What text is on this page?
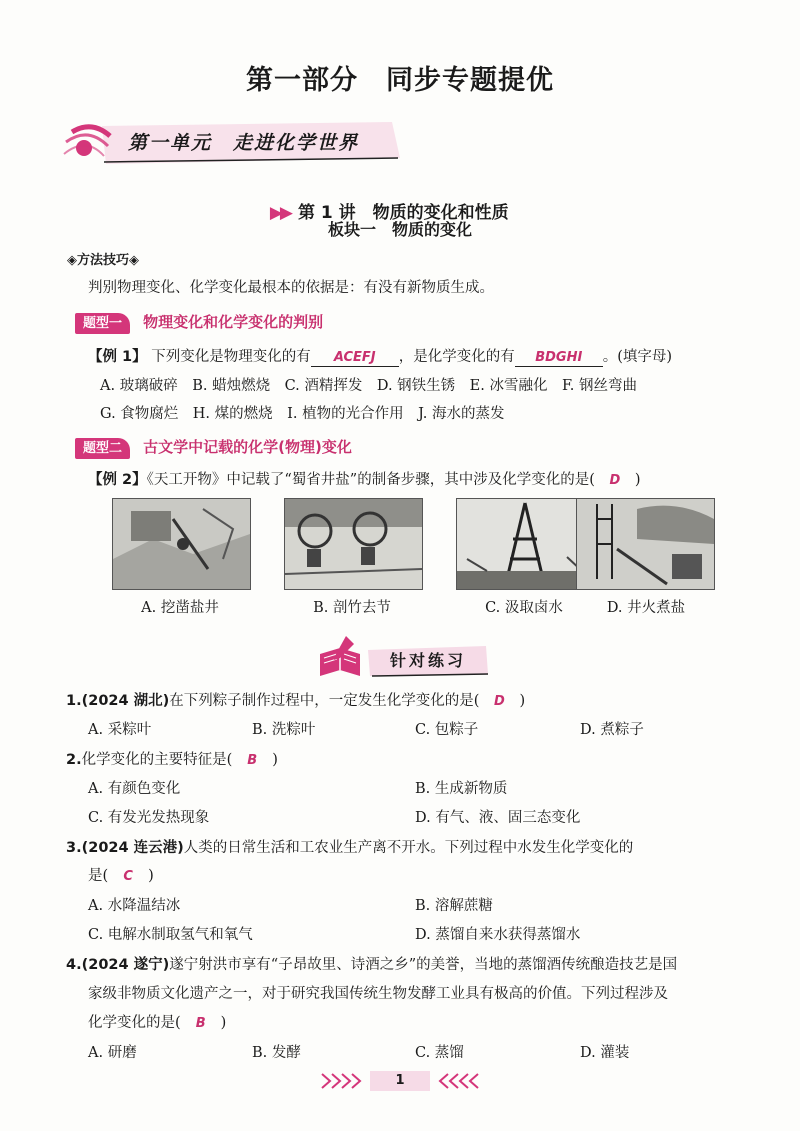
第一部分　同步专题提优
第一单元　走进化学世界

▶▶ 第 1 讲　物质的变化和性质

板块一　物质的变化
◈方法技巧◈
判别物理变化、化学变化最根本的依据是：有没有新物质生成。
题型一 物理变化和化学变化的判别
【例 1】 下列变化是物理变化的有 ACEFJ ，是化学变化的有 BDGHI 。(填字母)
A. 玻璃破碎　B. 蜡烛燃烧　C. 酒精挥发　D. 钢铁生锈　E. 冰雪融化　F. 钢丝弯曲
G. 食物腐烂　H. 煤的燃烧　I. 植物的光合作用　J. 海水的蒸发
题型二 古文学中记载的化学(物理)变化
【例 2】《天工开物》中记载了“蜀省井盐”的制备步骤，其中涉及化学变化的是( D )
A. 挖凿盐井	B. 剖竹去节	C. 汲取卤水	D. 井火煮盐
针对练习
1.(2024 湖北)在下列粽子制作过程中，一定发生化学变化的是( D )
A. 采粽叶	B. 洗粽叶	C. 包粽子	D. 煮粽子
2.化学变化的主要特征是( B )
A. 有颜色变化	B. 生成新物质
C. 有发光发热现象	D. 有气、液、固三态变化
3.(2024 连云港)人类的日常生活和工农业生产离不开水。下列过程中水发生化学变化的
是( C )
A. 水降温结冰	B. 溶解蔗糖
C. 电解水制取氢气和氧气	D. 蒸馏自来水获得蒸馏水
4.(2024 遂宁)遂宁射洪市享有“子昂故里、诗酒之乡”的美誉，当地的蒸馏酒传统酿造技艺是国
家级非物质文化遗产之一，对于研究我国传统生物发酵工业具有极高的价值。下列过程涉及
化学变化的是( B )
A. 研磨	B. 发酵	C. 蒸馏	D. 灌装
1
